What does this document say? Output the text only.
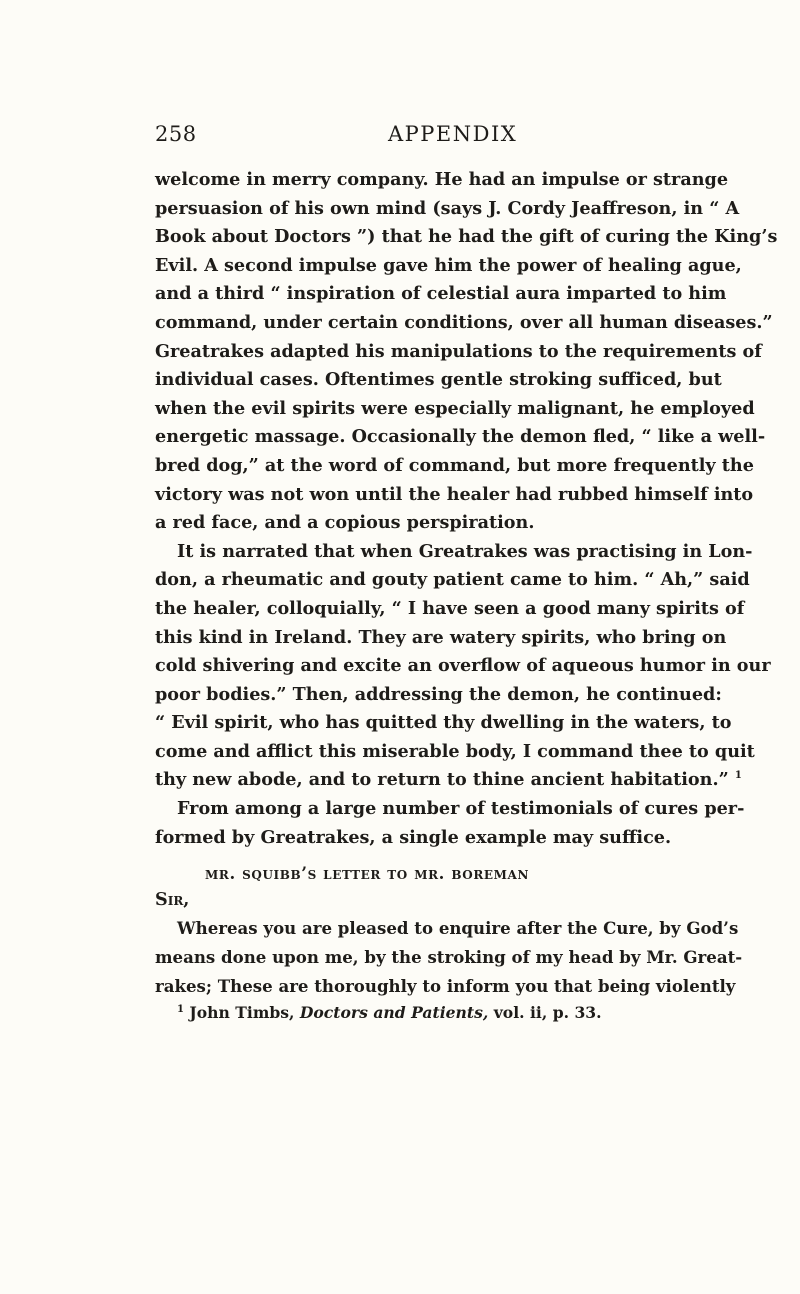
258	APPENDIX
welcome in merry company. He had an impulse or strange
persuasion of his own mind (says J. Cordy Jeaffreson, in “ A
Book about Doctors ”) that he had the gift of curing the King’s
Evil. A second impulse gave him the power of healing ague,
and a third “ inspiration of celestial aura imparted to him
command, under certain conditions, over all human diseases.”
Greatrakes adapted his manipulations to the requirements of
individual cases. Oftentimes gentle stroking sufficed, but
when the evil spirits were especially malignant, he employed
energetic massage. Occasionally the demon fled, “ like a well-
bred dog,” at the word of command, but more frequently the
victory was not won until the healer had rubbed himself into
a red face, and a copious perspiration.
It is narrated that when Greatrakes was practising in Lon-
don, a rheumatic and gouty patient came to him. “ Ah,” said
the healer, colloquially, “ I have seen a good many spirits of
this kind in Ireland. They are watery spirits, who bring on
cold shivering and excite an overflow of aqueous humor in our
poor bodies.” Then, addressing the demon, he continued:
“ Evil spirit, who has quitted thy dwelling in the waters, to
come and afflict this miserable body, I command thee to quit
thy new abode, and to return to thine ancient habitation.” $^1$
From among a large number of testimonials of cures per-
formed by Greatrakes, a single example may suffice.
mr. squibb’s letter to mr. boreman
Sir,
Whereas you are pleased to enquire after the Cure, by God’s
means done upon me, by the stroking of my head by Mr. Great-
rakes; These are thoroughly to inform you that being violently
$^1$ John Timbs, Doctors and Patients, vol. ii, p. 33.
